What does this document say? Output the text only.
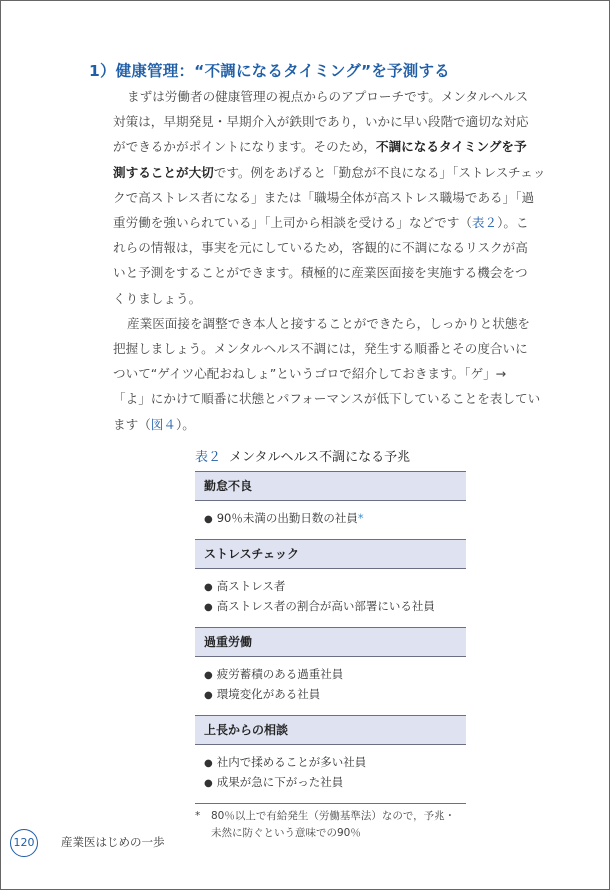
1）健康管理：“不調になるタイミング”を予測する

まずは労働者の健康管理の視点からのアプローチです。メンタルヘルス
対策は，早期発見・早期介入が鉄則であり，いかに早い段階で適切な対応
ができるかがポイントになります。そのため，不調になるタイミングを予
測することが大切です。例をあげると「勤怠が不良になる」「ストレスチェッ
クで高ストレス者になる」または「職場全体が高ストレス職場である」「過
重労働を強いられている」「上司から相談を受ける」などです（表２）。こ
れらの情報は，事実を元にしているため，客観的に不調になるリスクが高
いと予測をすることができます。積極的に産業医面接を実施する機会をつ
くりましょう。

産業医面接を調整でき本人と接することができたら，しっかりと状態を
把握しましょう。メンタルヘルス不調には，発生する順番とその度合いに
ついて“ゲイツ心配おねしょ”というゴロで紹介しておきます。「ゲ」→
「よ」にかけて順番に状態とパフォーマンスが低下していることを表してい
ます（図４）。

表２ メンタルヘルス不調になる予兆
勤怠不良
● 90％未満の出勤日数の社員*
ストレスチェック
● 高ストレス者
● 高ストレス者の割合が高い部署にいる社員
過重労働
● 疲労蓄積のある過重社員
● 環境変化がある社員
上長からの相談
● 社内で揉めることが多い社員
● 成果が急に下がった社員
* 80％以上で有給発生（労働基準法）なので，予兆・
未然に防ぐという意味での90％
120	産業医はじめの一歩
